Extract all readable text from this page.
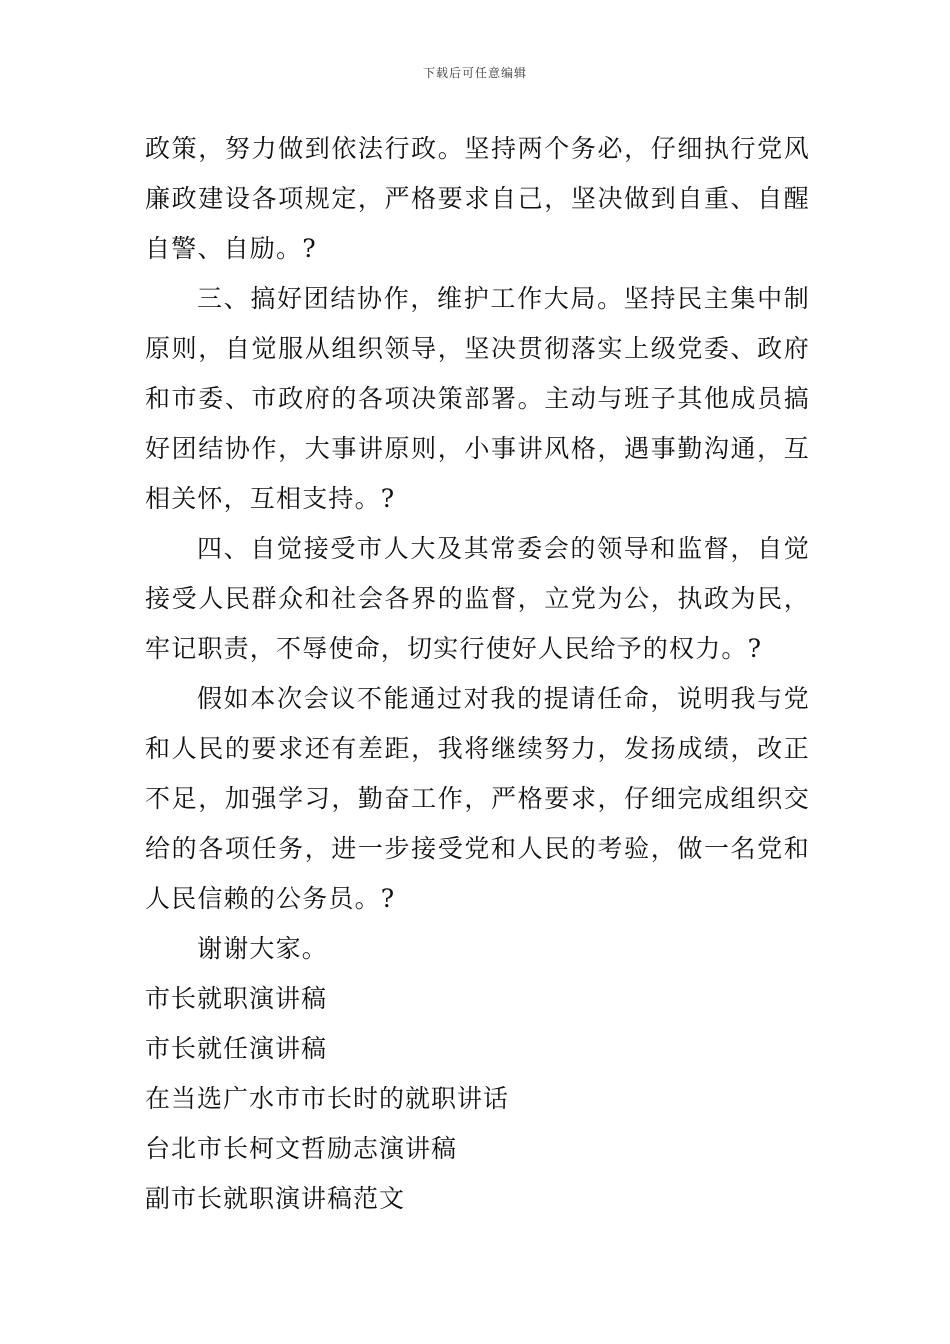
下载后可任意编辑

政策，努力做到依法行政。坚持两个务必，仔细执行党风廉政建设各项规定，严格要求自己，坚决做到自重、自醒自警、自励。?

三、搞好团结协作，维护工作大局。坚持民主集中制原则，自觉服从组织领导，坚决贯彻落实上级党委、政府和市委、市政府的各项决策部署。主动与班子其他成员搞好团结协作，大事讲原则，小事讲风格，遇事勤沟通，互相关怀，互相支持。?

四、自觉接受市人大及其常委会的领导和监督，自觉接受人民群众和社会各界的监督，立党为公，执政为民，牢记职责，不辱使命，切实行使好人民给予的权力。?

假如本次会议不能通过对我的提请任命，说明我与党和人民的要求还有差距，我将继续努力，发扬成绩，改正不足，加强学习，勤奋工作，严格要求，仔细完成组织交给的各项任务，进一步接受党和人民的考验，做一名党和人民信赖的公务员。?

谢谢大家。

市长就职演讲稿

市长就任演讲稿

在当选广水市市长时的就职讲话

台北市长柯文哲励志演讲稿

副市长就职演讲稿范文
